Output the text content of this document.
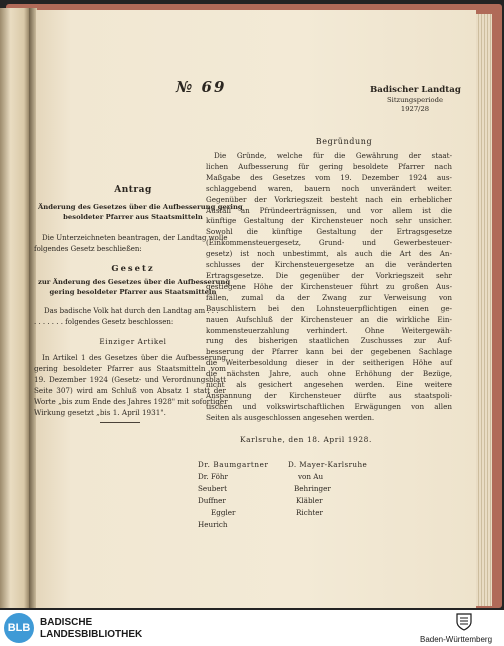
№ 69	Badischer Landtag
Sitzungsperiode
1927/28
Antrag
Änderung des Gesetzes über die Aufbesserung gering
besoldeter Pfarrer aus Staatsmitteln
Die Unterzeichneten beantragen, der Landtag wolle
folgendes Gesetz beschließen:
Gesetz
zur Änderung des Gesetzes über die Aufbesserung
gering besoldeter Pfarrer aus Staatsmitteln
Das badische Volk hat durch den Landtag am . . .
. . . . . . . folgendes Gesetz beschlossen:
Einziger Artikel

In Artikel 1 des Gesetzes über die Aufbesserung

gering besoldeter Pfarrer aus Staatsmitteln vom

19. Dezember 1924 (Gesetz- und Verordnungsblatt

Seite 307) wird am Schluß von Absatz 1 statt der

Worte „bis zum Ende des Jahres 1928" mit sofortiger

Wirkung gesetzt „bis 1. April 1931".

Begründung

Die Gründe, welche für die Gewährung der staat-

lichen Aufbesserung für gering besoldete Pfarrer nach

Maßgabe des Gesetzes vom 19. Dezember 1924 aus-

schlaggebend waren, bauern noch unverändert weiter.

Gegenüber der Vorkriegszeit besteht nach ein erheblicher

Ausfall an Pfründeerträgnissen, und vor allem ist die

künftige Gestaltung der Kirchensteuer noch sehr unsicher.

Sowohl die künftige Gestaltung der Ertragsgesetze

(Einkommensteuergesetz, Grund- und Gewerbesteuer-

gesetz) ist noch unbestimmt, als auch die Art des An-

schlusses der Kirchensteuergesetze an die veränderten

Ertragsgesetze. Die gegenüber der Vorkriegszeit sehr

gestiegene Höhe der Kirchensteuer führt zu großen Aus-

fällen, zumal da der Zwang zur Verweisung von

Bauschlistern bei den Lohnsteuerpflichtigen einen ge-

nauen Aufschluß der Kirchensteuer an die wirkliche Ein-

kommensteuerzahlung verhindert. Ohne Weitergewäh-

rung des bisherigen staatlichen Zuschusses zur Auf-

besserung der Pfarrer kann bei der gegebenen Sachlage

die Weiterbesoldung dieser in der seitherigen Höhe auf

die nächsten Jahre, auch ohne Erhöhung der Bezüge,

nicht als gesichert angesehen werden. Eine weitere

Anspannung der Kirchensteuer dürfte aus staatspoli-

tischen und volkswirtschaftlichen Erwägungen von allen

Seiten als ausgeschlossen angesehen werden.

Karlsruhe, den 18. April 1928.
Dr. Baumgartner
Dr. Föhr
Seubert
Duffner
Eggler
Heurich
D. Mayer-Karlsruhe
von Au
Behringer
Kläbler
Richter
BLB BADISCHE
LANDESBIBLIOTHEK	Baden-Württemberg
